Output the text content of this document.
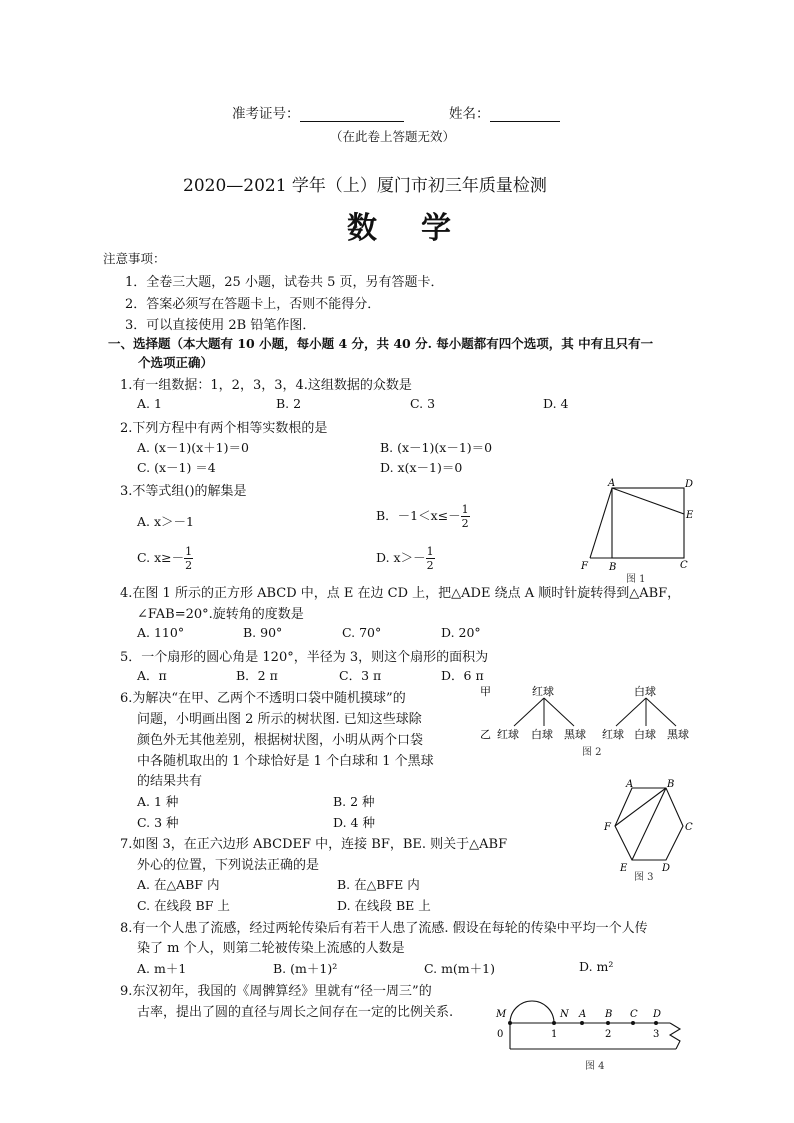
准考证号：	姓名：
（在此卷上答题无效）
2020—2021 学年（上）厦门市初三年质量检测
数学
注意事项：
1．全卷三大题，25 小题，试卷共 5 页，另有答题卡．
2．答案必须写在答题卡上，否则不能得分．
3．可以直接使用 2B 铅笔作图．
一、选择题（本大题有 10 小题，每小题 4 分，共 40 分. 每小题都有四个选项，其 中有且只有一
个选项正确）
1.有一组数据：1，2，3，3，4.这组数据的众数是
A. 1	B. 2	C. 3	D. 4
2.下列方程中有两个相等实数根的是
A. (x－1)(x＋1)＝0	B. (x－1)(x－1)＝0
C. (x－1) ＝4	D. x(x－1)＝0
3.不等式组()的解集是
A. x＞－1	B．$-1<x\le- \frac{1}{2}$
C. $x\ge- \frac{1}{2}$	D. $x>- \frac{1}{2}$
A	D
E
F B	C
图 1
4.在图 1 所示的正方形 ABCD 中，点 E 在边 CD 上，把△ADE 绕点 A 顺时针旋转得到△ABF，
∠FAB=20°.旋转角的度数是
A. 110°	B. 90°	C. 70°	D. 20°
5．一个扇形的圆心角是 120°，半径为 3，则这个扇形的面积为
A．π	B．2 π	C．3 π	D．6 π
6.为解决“在甲、乙两个不透明口袋中随机摸球”的
问题，小明画出图 2 所示的树状图. 已知这些球除
颜色外无其他差别，根据树状图，小明从两个口袋
中各随机取出的 1 个球恰好是 1 个白球和 1 个黑球
的结果共有
A. 1 种	B. 2 种
C. 3 种	D. 4 种
甲	红球	白球
乙 红球 白球 黑球 红球 白球 黑球
图 2
A	B
C
D
E
F
图 3
7.如图 3，在正六边形 ABCDEF 中，连接 BF，BE. 则关于△ABF
外心的位置，下列说法正确的是
A. 在△ABF 内	B. 在△BFE 内
C. 在线段 BF 上	D. 在线段 BE 上
8.有一个人患了流感，经过两轮传染后有若干人患了流感. 假设在每轮的传染中平均一个人传
染了 m 个人，则第二轮被传染上流感的人数是
A. m＋1	B. (m＋1)²	C. m(m＋1)	D. m²
9.东汉初年，我国的《周髀算经》里就有“径一周三”的
古率，提出了圆的直径与周长之间存在一定的比例关系.	M	N A B C D
0	1	2	3
图 4
